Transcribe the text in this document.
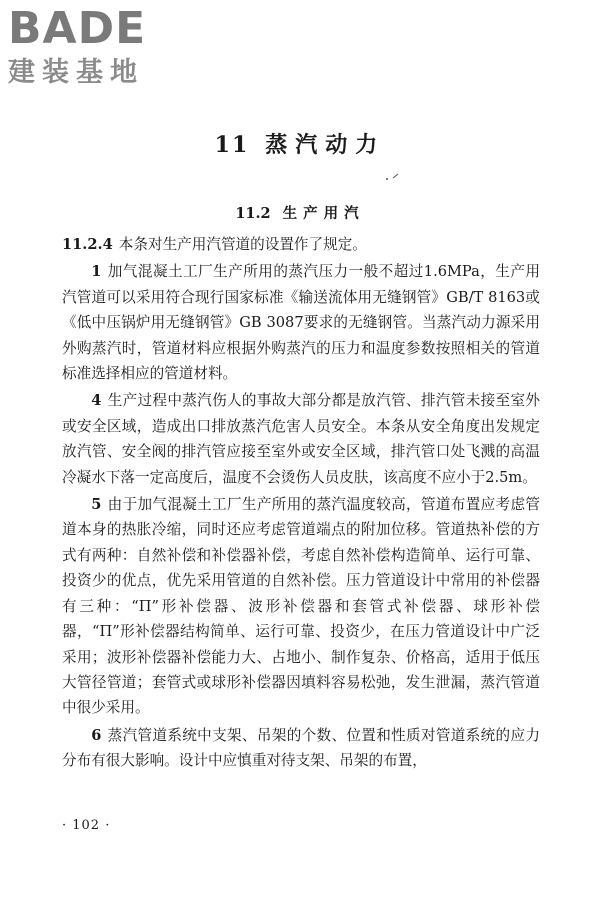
BADE
建装基地
11 蒸汽动力
11.2 生产用汽

11.2.4 本条对生产用汽管道的设置作了规定。

1 加气混凝土工厂生产所用的蒸汽压力一般不超过1.6MPa，生产用汽管道可以采用符合现行国家标准《输送流体用无缝钢管》GB/T 8163或《低中压锅炉用无缝钢管》GB 3087要求的无缝钢管。当蒸汽动力源采用外购蒸汽时，管道材料应根据外购蒸汽的压力和温度参数按照相关的管道标准选择相应的管道材料。

4 生产过程中蒸汽伤人的事故大部分都是放汽管、排汽管未接至室外或安全区域，造成出口排放蒸汽危害人员安全。本条从安全角度出发规定放汽管、安全阀的排汽管应接至室外或安全区域，排汽管口处飞溅的高温冷凝水下落一定高度后，温度不会烫伤人员皮肤，该高度不应小于2.5m。

5 由于加气混凝土工厂生产所用的蒸汽温度较高，管道布置应考虑管道本身的热胀冷缩，同时还应考虑管道端点的附加位移。管道热补偿的方式有两种：自然补偿和补偿器补偿，考虑自然补偿构造简单、运行可靠、投资少的优点，优先采用管道的自然补偿。压力管道设计中常用的补偿器有三种：“Π”形补偿器、波形补偿器和套管式补偿器、球形补偿器，“Π”形补偿器结构简单、运行可靠、投资少，在压力管道设计中广泛采用；波形补偿器补偿能力大、占地小、制作复杂、价格高，适用于低压大管径管道；套管式或球形补偿器因填料容易松弛，发生泄漏，蒸汽管道中很少采用。

6 蒸汽管道系统中支架、吊架的个数、位置和性质对管道系统的应力分布有很大影响。设计中应慎重对待支架、吊架的布置，

· 102 ·
